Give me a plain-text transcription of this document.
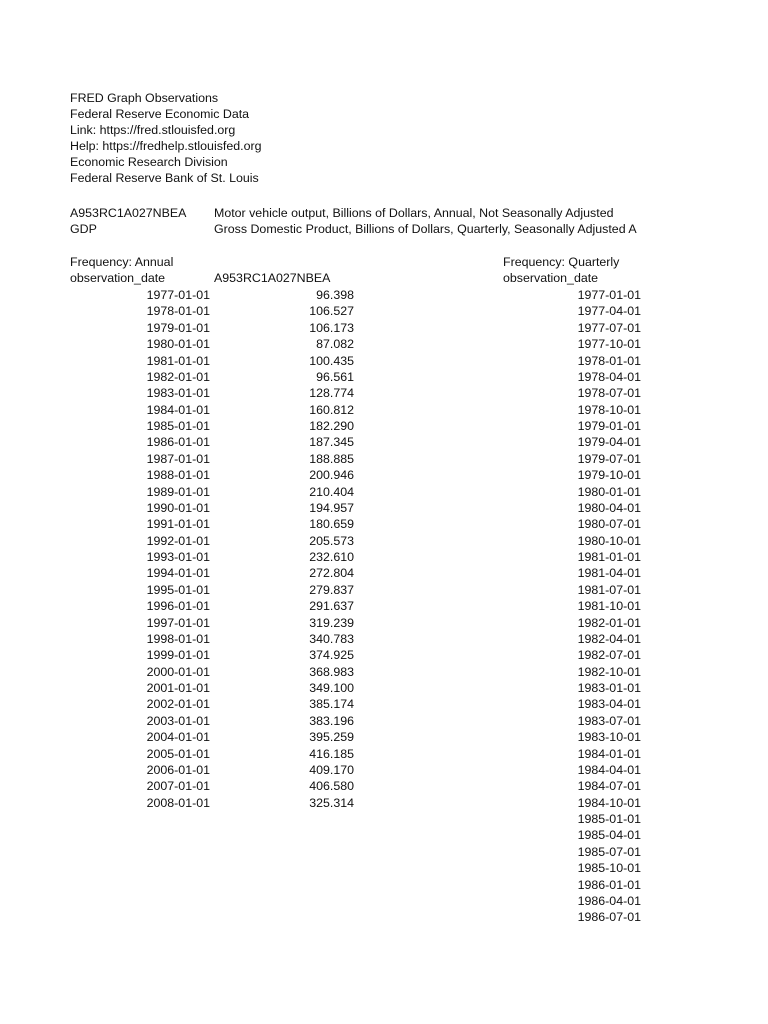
FRED Graph Observations
Federal Reserve Economic Data
Link: https://fred.stlouisfed.org
Help: https://fredhelp.stlouisfed.org
Economic Research Division
Federal Reserve Bank of St. Louis
A953RC1A027NBEA Motor vehicle output, Billions of Dollars, Annual, Not Seasonally Adjusted
GDP	Gross Domestic Product, Billions of Dollars, Quarterly, Seasonally Adjusted A
Frequency: Annual
observation_date	A953RC1A027NBEA
Frequency: Quarterly
observation_date
1977-01-01
1978-01-01
1979-01-01
1980-01-01
1981-01-01
1982-01-01
1983-01-01
1984-01-01
1985-01-01
1986-01-01
1987-01-01
1988-01-01
1989-01-01
1990-01-01
1991-01-01
1992-01-01
1993-01-01
1994-01-01
1995-01-01
1996-01-01
1997-01-01
1998-01-01
1999-01-01
2000-01-01
2001-01-01
2002-01-01
2003-01-01
2004-01-01
2005-01-01
2006-01-01
2007-01-01
2008-01-01
96.398
106.527
106.173
87.082
100.435
96.561
128.774
160.812
182.290
187.345
188.885
200.946
210.404
194.957
180.659
205.573
232.610
272.804
279.837
291.637
319.239
340.783
374.925
368.983
349.100
385.174
383.196
395.259
416.185
409.170
406.580
325.314
1977-01-01
1977-04-01
1977-07-01
1977-10-01
1978-01-01
1978-04-01
1978-07-01
1978-10-01
1979-01-01
1979-04-01
1979-07-01
1979-10-01
1980-01-01
1980-04-01
1980-07-01
1980-10-01
1981-01-01
1981-04-01
1981-07-01
1981-10-01
1982-01-01
1982-04-01
1982-07-01
1982-10-01
1983-01-01
1983-04-01
1983-07-01
1983-10-01
1984-01-01
1984-04-01
1984-07-01
1984-10-01
1985-01-01
1985-04-01
1985-07-01
1985-10-01
1986-01-01
1986-04-01
1986-07-01
